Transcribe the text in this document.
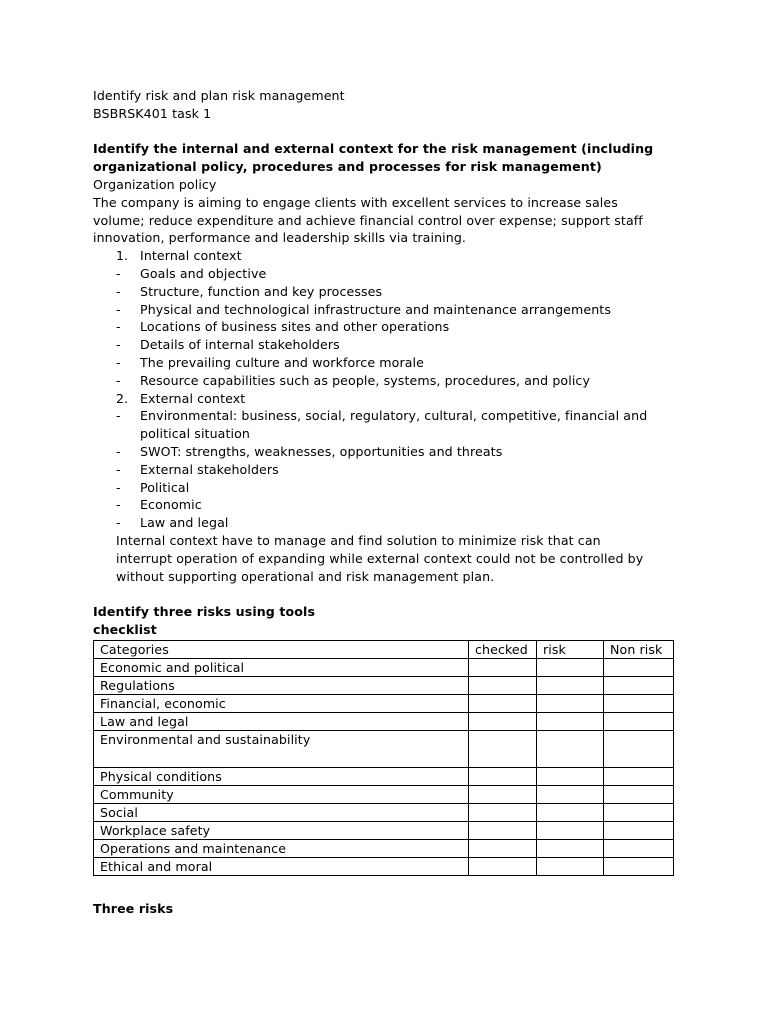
Identify risk and plan risk management
BSBRSK401 task 1
Identify the internal and external context for the risk management (including
organizational policy, procedures and processes for risk management)
Organization policy
The company is aiming to engage clients with excellent services to increase sales volume; reduce expenditure and achieve financial control over expense; support staff innovation, performance and leadership skills via training.
1. Internal context
-	Goals and objective
-	Structure, function and key processes
-	Physical and technological infrastructure and maintenance arrangements
-	Locations of business sites and other operations
-	Details of internal stakeholders
-	The prevailing culture and workforce morale
-	Resource capabilities such as people, systems, procedures, and policy
2. External context
-	Environmental: business, social, regulatory, cultural, competitive, financial and political situation
-	SWOT: strengths, weaknesses, opportunities and threats
-	External stakeholders
-	Political
-	Economic
-	Law and legal
Internal context have to manage and find solution to minimize risk that can interrupt operation of expanding while external context could not be controlled by without supporting operational and risk management plan.
Identify three risks using tools
checklist
Categories	checked	risk	Non risk
Economic and political			
Regulations			
Financial, economic			
Law and legal			
Environmental and sustainability			
Physical conditions			
Community			
Social			
Workplace safety			
Operations and maintenance			
Ethical and moral			
Three risks
